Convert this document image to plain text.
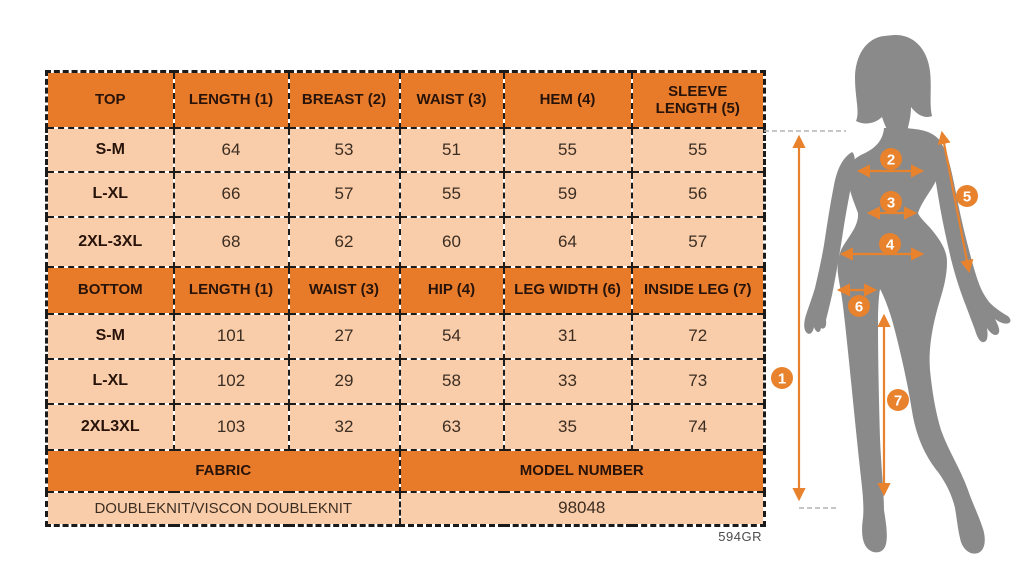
TOP	LENGTH (1)	BREAST (2)	WAIST (3)	HEM (4)	SLEEVE LENGTH (5)
S-M	64	53	51	55	55
L-XL	66	57	55	59	56
2XL-3XL	68	62	60	64	57
BOTTOM	LENGTH (1)	WAIST (3)	HIP (4)	LEG WIDTH (6)	INSIDE LEG (7)
S-M	101	27	54	31	72
L-XL	102	29	58	33	73
2XL3XL	103	32	63	35	74
FABRIC			MODEL NUMBER		
DOUBLEKNIT/VISCON DOUBLEKNIT			98048		
594GR
1
2
3
4
5
6
7
